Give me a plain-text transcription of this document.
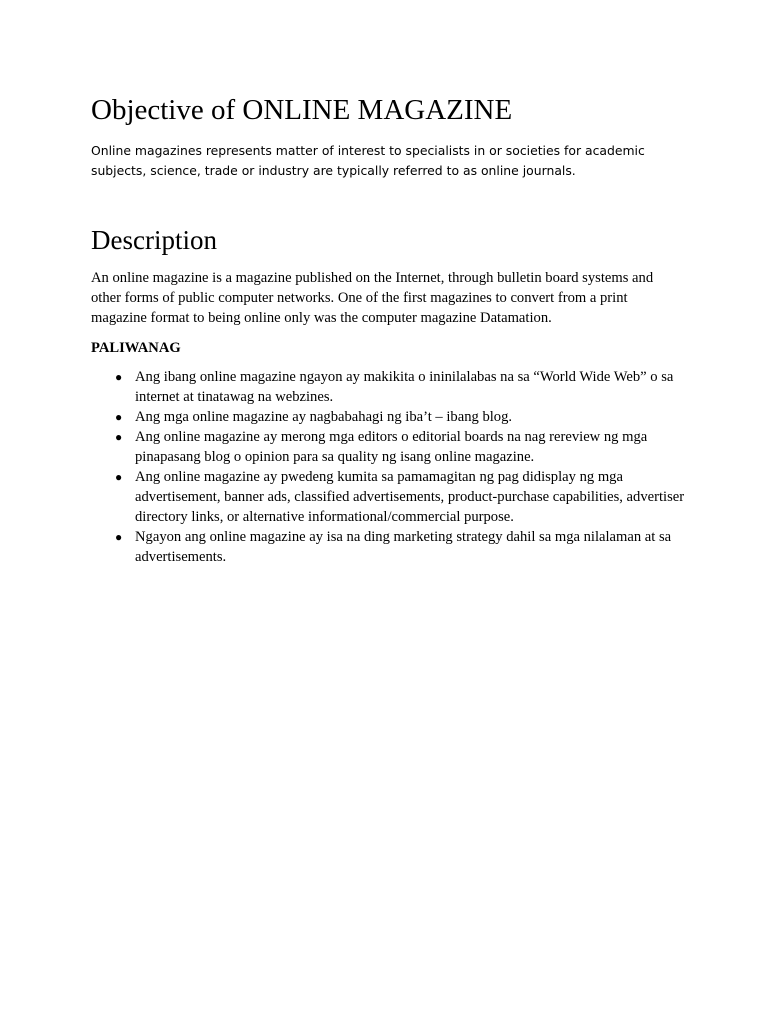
Objective of ONLINE MAGAZINE

Online magazines represents matter of interest to specialists in or societies for academic subjects, science, trade or industry are typically referred to as online journals.

Description

An online magazine is a magazine published on the Internet, through bulletin board systems and other forms of public computer networks. One of the first magazines to convert from a print magazine format to being online only was the computer magazine Datamation.

PALIWANAG

● Ang ibang online magazine ngayon ay makikita o ininilalabas na sa “World Wide Web” o sa internet at tinatawag na webzines.
● Ang mga online magazine ay nagbabahagi ng iba’t – ibang blog.
● Ang online magazine ay merong mga editors o editorial boards na nag rereview ng mga pinapasang blog o opinion para sa quality ng isang online magazine.
● Ang online magazine ay pwedeng kumita sa pamamagitan ng pag didisplay ng mga advertisement, banner ads, classified advertisements, product-purchase capabilities, advertiser directory links, or alternative informational/commercial purpose.
● Ngayon ang online magazine ay isa na ding marketing strategy dahil sa mga nilalaman at sa advertisements.
